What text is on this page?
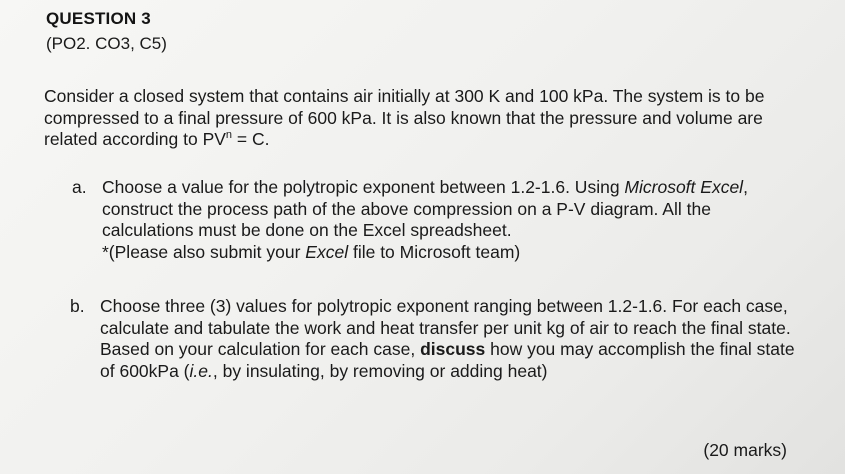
QUESTION 3
(PO2. CO3, C5)
Consider a closed system that contains air initially at 300 K and 100 kPa. The system is to be compressed to a final pressure of 600 kPa. It is also known that the pressure and volume are related according to $PV^n = C$.
a. Choose a value for the polytropic exponent between 1.2-1.6. Using Microsoft Excel, construct the process path of the above compression on a P-V diagram. All the calculations must be done on the Excel spreadsheet.
*(Please also submit your Excel file to Microsoft team)
b. Choose three (3) values for polytropic exponent ranging between 1.2-1.6. For each case, calculate and tabulate the work and heat transfer per unit kg of air to reach the final state. Based on your calculation for each case, discuss how you may accomplish the final state of 600kPa (i.e., by insulating, by removing or adding heat)
(20 marks)
